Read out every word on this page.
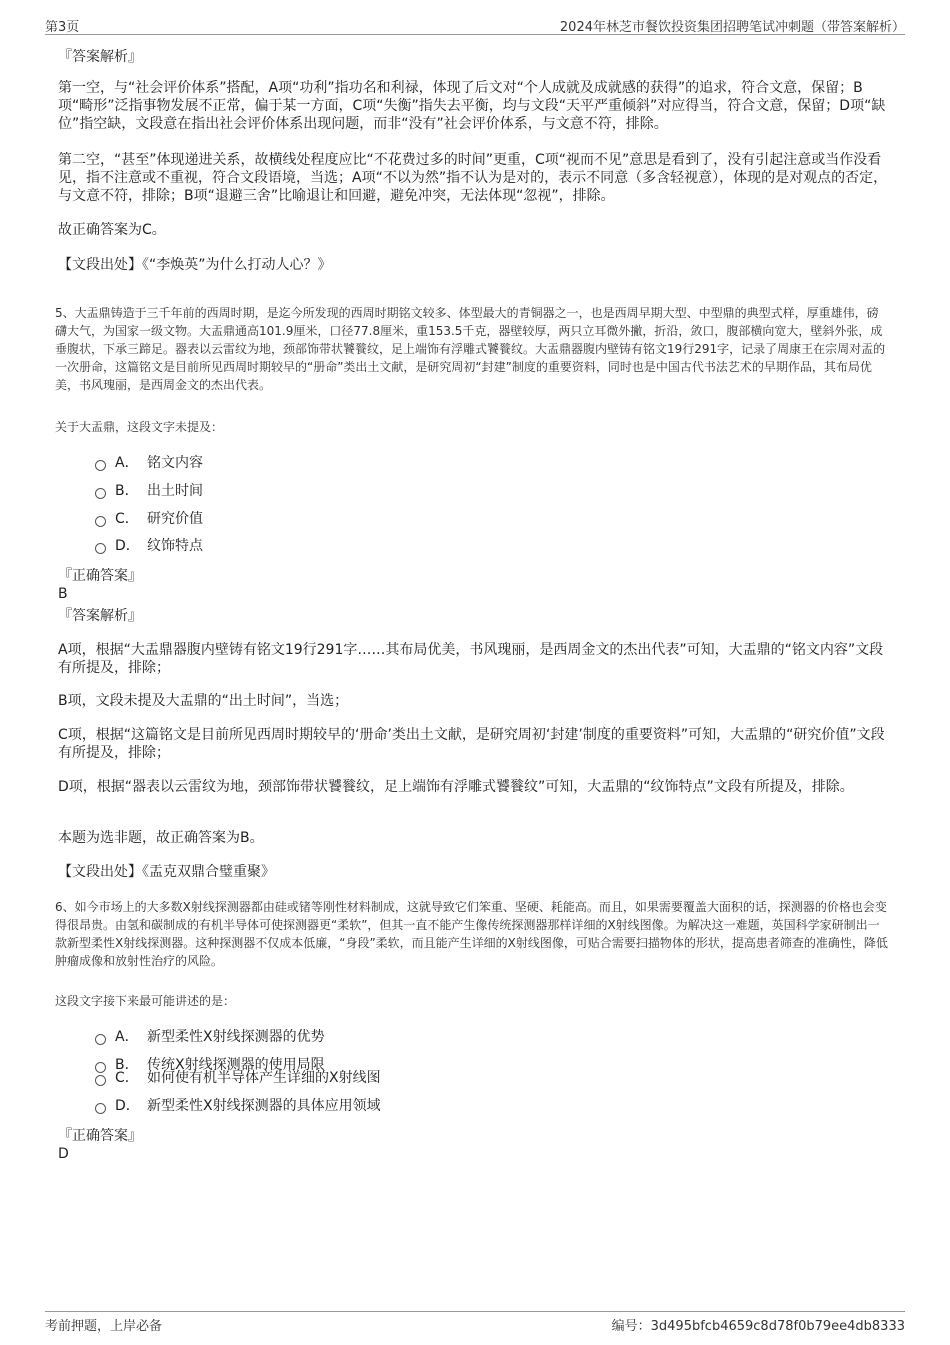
第3页	2024年林芝市餐饮投资集团招聘笔试冲刺题（带答案解析）
『答案解析』
第一空，与“社会评价体系”搭配，A项“功利”指功名和利禄，体现了后文对“个人成就及成就感的获得”的追求，符合文意，保留；B项“畸形”泛指事物发展不正常，偏于某一方面，C项“失衡”指失去平衡，均与文段“天平严重倾斜”对应得当，符合文意，保留；D项“缺位”指空缺，文段意在指出社会评价体系出现问题，而非“没有”社会评价体系，与文意不符，排除。
第二空，“甚至”体现递进关系，故横线处程度应比“不花费过多的时间”更重，C项“视而不见”意思是看到了，没有引起注意或当作没看见，指不注意或不重视，符合文段语境，当选；A项“不以为然”指不认为是对的，表示不同意（多含轻视意），体现的是对观点的否定，与文意不符，排除；B项“退避三舍”比喻退让和回避，避免冲突，无法体现“忽视”，排除。
故正确答案为C。
【文段出处】《“李焕英”为什么打动人心？》
5、大盂鼎铸造于三千年前的西周时期，是迄今所发现的西周时期铭文较多、体型最大的青铜器之一，也是西周早期大型、中型鼎的典型式样，厚重雄伟，磅礴大气，为国家一级文物。大盂鼎通高101.9厘米，口径77.8厘米，重153.5千克，器壁较厚，两只立耳微外撇，折沿，敛口，腹部横向宽大，壁斜外张，成垂腹状，下承三蹄足。器表以云雷纹为地，颈部饰带状饕餮纹，足上端饰有浮雕式饕餮纹。大盂鼎器腹内壁铸有铭文19行291字，记录了周康王在宗周对盂的一次册命，这篇铭文是目前所见西周时期较早的“册命”类出土文献，是研究周初“封建”制度的重要资料，同时也是中国古代书法艺术的早期作品，其布局优美，书风瑰丽，是西周金文的杰出代表。
关于大盂鼎，这段文字未提及：
A． 铭文内容
B． 出土时间
C． 研究价值
D． 纹饰特点
『正确答案』
B
『答案解析』
A项，根据“大盂鼎器腹内壁铸有铭文19行291字……其布局优美，书风瑰丽，是西周金文的杰出代表”可知，大盂鼎的“铭文内容”文段有所提及，排除；
B项，文段未提及大盂鼎的“出土时间”，当选；
C项，根据“这篇铭文是目前所见西周时期较早的‘册命’类出土文献，是研究周初‘封建’制度的重要资料”可知，大盂鼎的“研究价值”文段有所提及，排除；
D项，根据“器表以云雷纹为地，颈部饰带状饕餮纹，足上端饰有浮雕式饕餮纹”可知，大盂鼎的“纹饰特点”文段有所提及，排除。
本题为选非题，故正确答案为B。
【文段出处】《盂克双鼎合璧重聚》
6、如今市场上的大多数X射线探测器都由硅或锗等刚性材料制成，这就导致它们笨重、坚硬、耗能高。而且，如果需要覆盖大面积的话，探测器的价格也会变得很昂贵。由氢和碳制成的有机半导体可使探测器更“柔软”，但其一直不能产生像传统探测器那样详细的X射线图像。为解决这一难题，英国科学家研制出一款新型柔性X射线探测器。这种探测器不仅成本低廉，“身段”柔软，而且能产生详细的X射线图像，可贴合需要扫描物体的形状，提高患者筛查的准确性，降低肿瘤成像和放射性治疗的风险。
这段文字接下来最可能讲述的是：
A． 新型柔性X射线探测器的优势
B． 传统X射线探测器的使用局限
C． 如何使有机半导体产生详细的X射线图
D． 新型柔性X射线探测器的具体应用领域
『正确答案』
D
考前押题，上岸必备	编号：3d495bfcb4659c8d78f0b79ee4db8333
